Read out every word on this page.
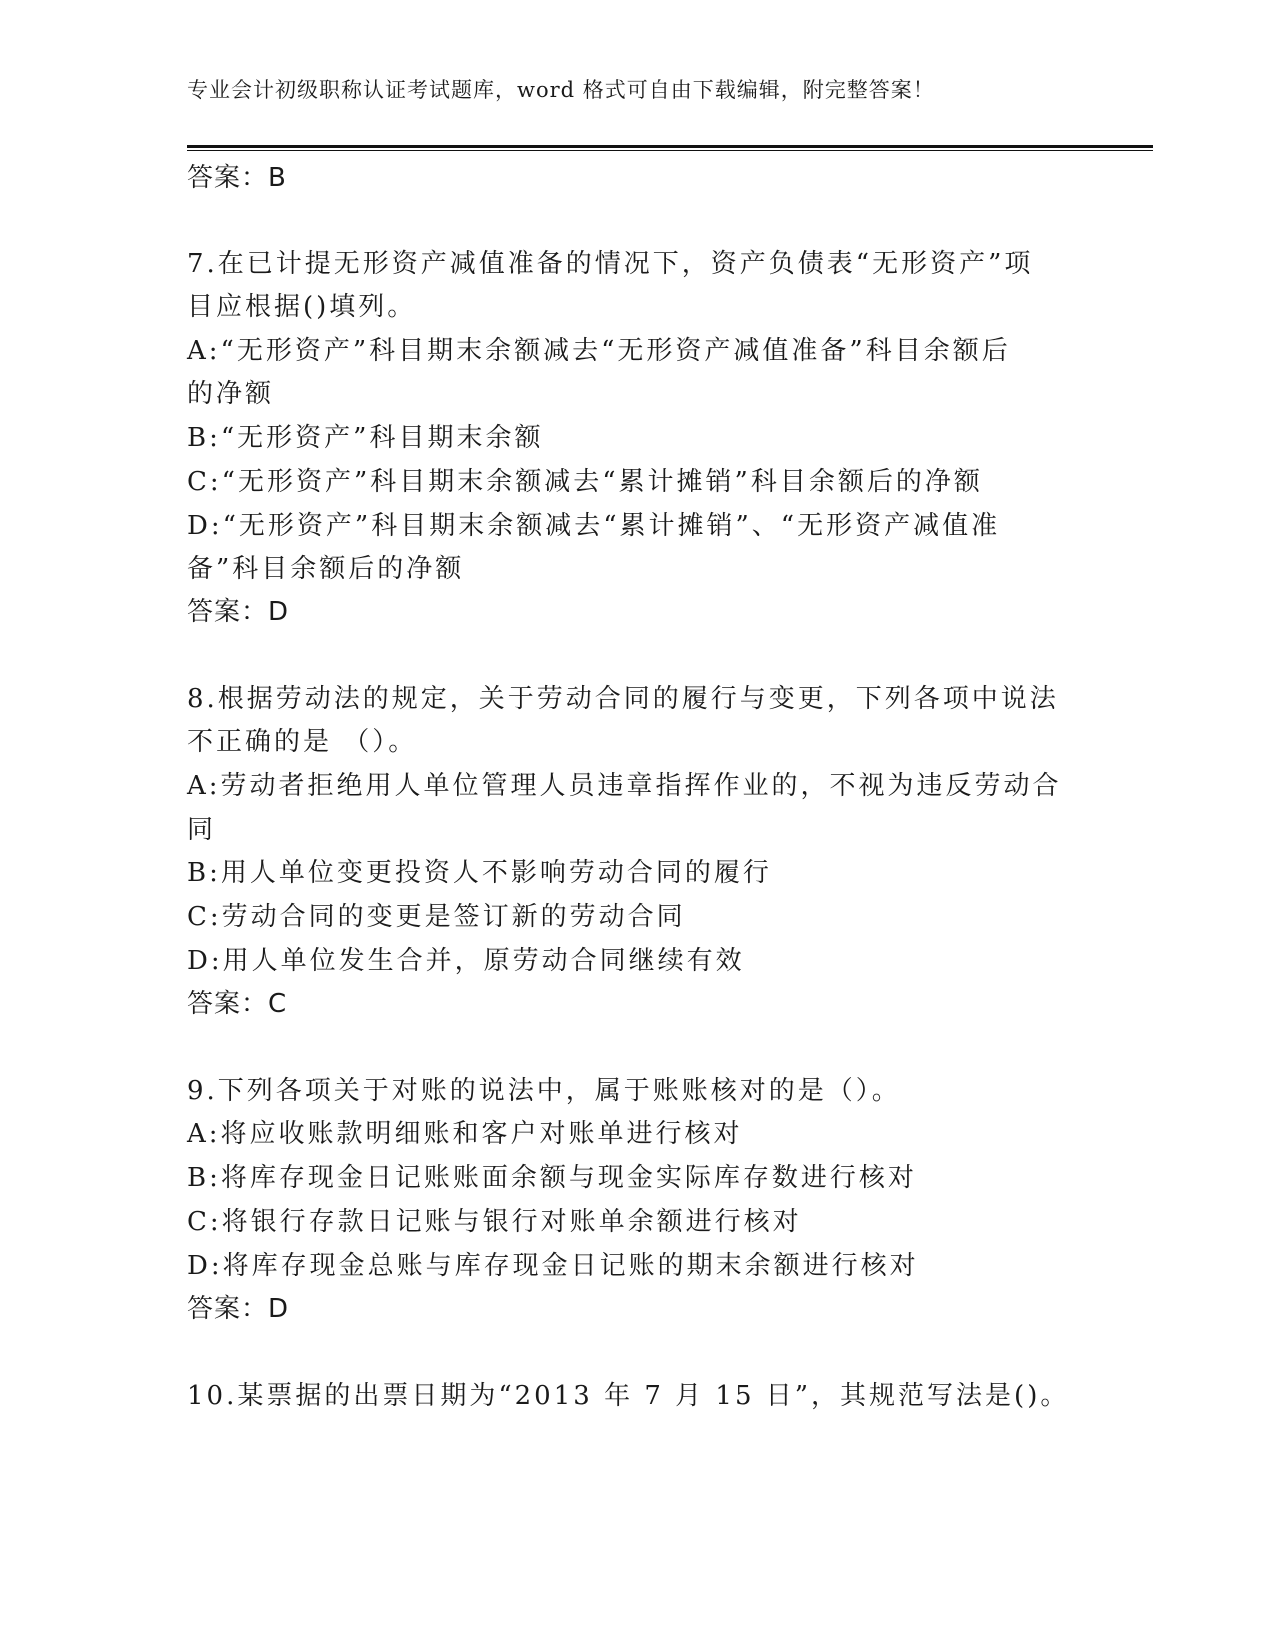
专业会计初级职称认证考试题库，word 格式可自由下载编辑，附完整答案！
答案：B
7.在已计提无形资产减值准备的情况下，资产负债表“无形资产”项
目应根据()填列。
A:“无形资产”科目期末余额减去“无形资产减值准备”科目余额后
的净额
B:“无形资产”科目期末余额
C:“无形资产”科目期末余额减去“累计摊销”科目余额后的净额
D:“无形资产”科目期末余额减去“累计摊销”、“无形资产减值准
备”科目余额后的净额
答案：D
8.根据劳动法的规定，关于劳动合同的履行与变更，下列各项中说法
不正确的是 （）。
A:劳动者拒绝用人单位管理人员违章指挥作业的，不视为违反劳动合
同
B:用人单位变更投资人不影响劳动合同的履行
C:劳动合同的变更是签订新的劳动合同
D:用人单位发生合并，原劳动合同继续有效
答案：C
9.下列各项关于对账的说法中，属于账账核对的是（）。
A:将应收账款明细账和客户对账单进行核对
B:将库存现金日记账账面余额与现金实际库存数进行核对
C:将银行存款日记账与银行对账单余额进行核对
D:将库存现金总账与库存现金日记账的期末余额进行核对
答案：D
10.某票据的出票日期为“2013 年 7 月 15 日”，其规范写法是()。
